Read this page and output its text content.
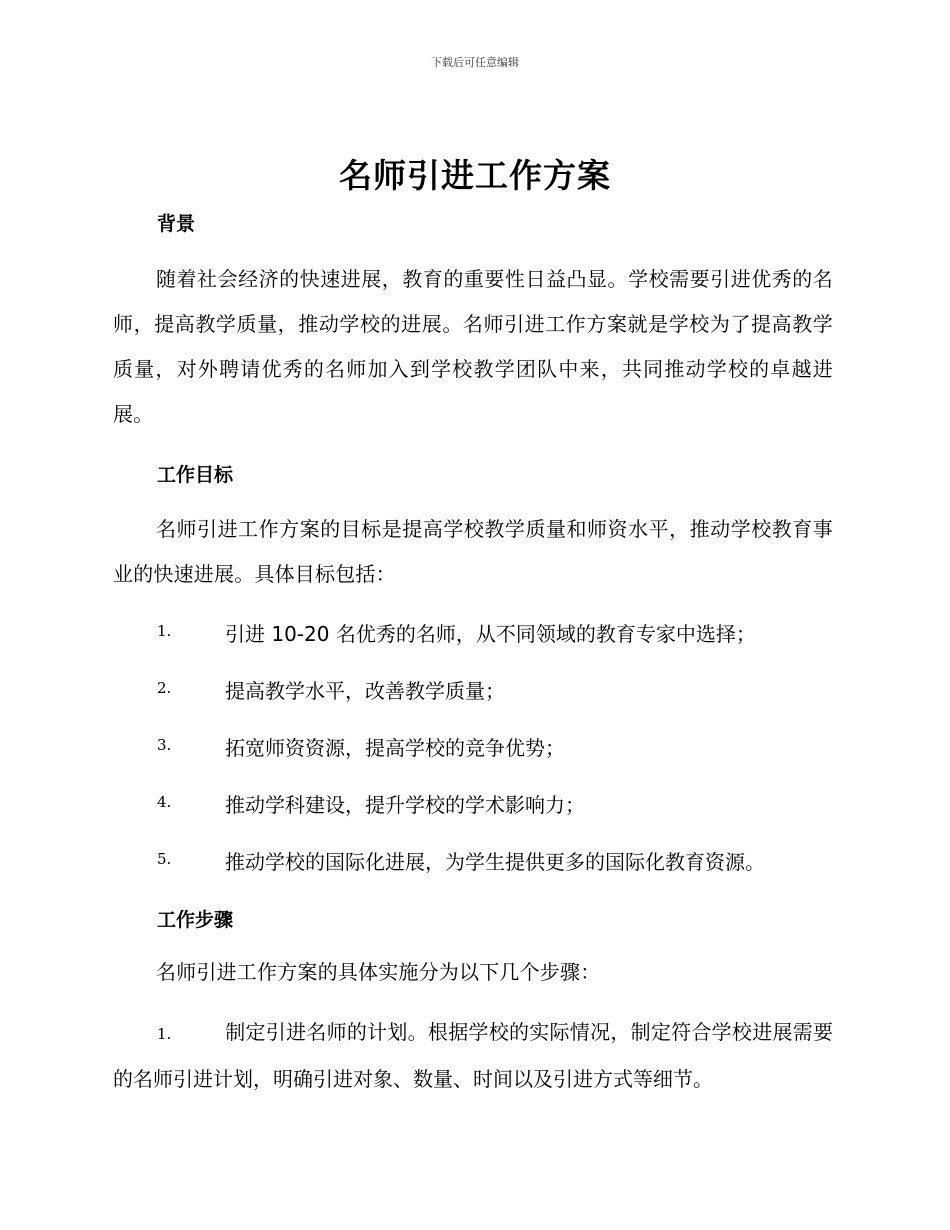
下载后可任意编辑
名师引进工作方案
背景
随着社会经济的快速进展，教育的重要性日益凸显。学校需要引进优秀的名师，提高教学质量，推动学校的进展。名师引进工作方案就是学校为了提高教学质量，对外聘请优秀的名师加入到学校教学团队中来，共同推动学校的卓越进展。
工作目标
名师引进工作方案的目标是提高学校教学质量和师资水平，推动学校教育事业的快速进展。具体目标包括：
1.	引进 10-20 名优秀的名师，从不同领域的教育专家中选择；
2.	提高教学水平，改善教学质量；
3.	拓宽师资资源，提高学校的竞争优势；
4.	推动学科建设，提升学校的学术影响力；
5.	推动学校的国际化进展，为学生提供更多的国际化教育资源。
工作步骤
名师引进工作方案的具体实施分为以下几个步骤：
1.	制定引进名师的计划。根据学校的实际情况，制定符合学校进展需要的名师引进计划，明确引进对象、数量、时间以及引进方式等细节。
